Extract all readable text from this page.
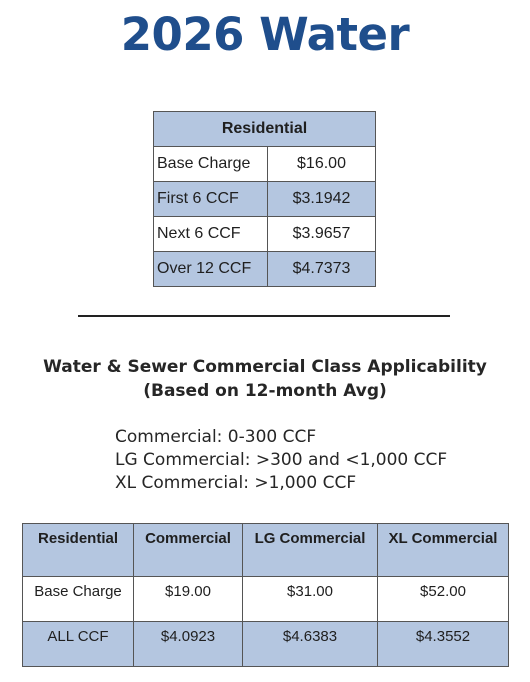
2026 Water
Residential	
Base Charge	$16.00
First 6 CCF	$3.1942
Next 6 CCF	$3.9657
Over 12 CCF	$4.7373
Water & Sewer Commercial Class Applicability
(Based on 12-month Avg)
Commercial: 0-300 CCF
LG Commercial: >300 and <1,000 CCF
XL Commercial: >1,000 CCF
Residential	Commercial	LG Commercial	XL Commercial
Base Charge	$19.00	$31.00	$52.00
ALL CCF	$4.0923	$4.6383	$4.3552
